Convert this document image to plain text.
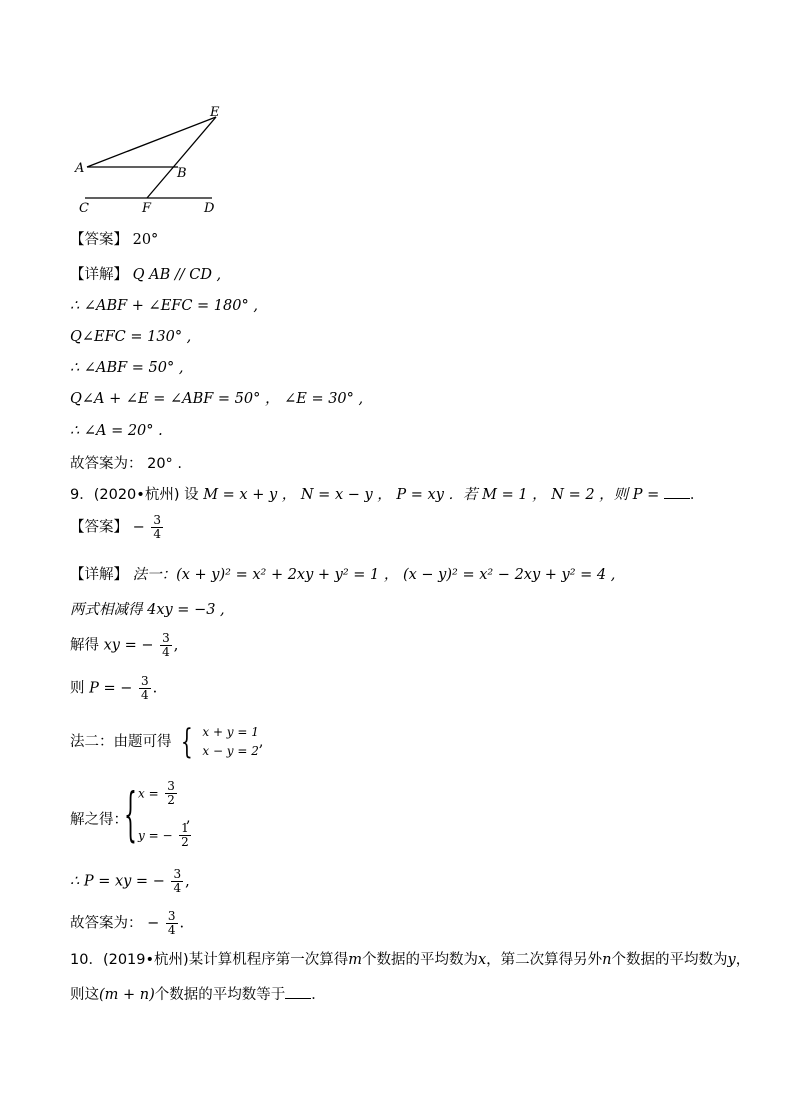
E
A	B
C	F	D
【答案】 20°
【详解】 Q AB // CD ,
∴ ∠ABF + ∠EFC = 180° ,
Q∠EFC = 130° ,
∴ ∠ABF = 50° ,
Q∠A + ∠E = ∠ABF = 50° ， ∠E = 30° ,
∴ ∠A = 20° .
故答案为： 20° .
9．(2020•杭州) 设 M = x + y ， N = x − y ， P = xy ．若 M = 1 ， N = 2 ，则 P = ．
【答案】 − $\frac{3}{4}$
【详解】 法一：(x + y)² = x² + 2xy + y² = 1 ， (x − y)² = x² − 2xy + y² = 4 ,
两式相减得 4xy = −3 ,
解得 xy = − $\frac{3}{4}$ ,
则 P = − $\frac{3}{4}$ .
法二：由题可得 { x + y = 1
x − y = 2
,
解之得：
{ $x = \frac{3}{2}$
y = − $\frac{1}{2}$
,
∴ P = xy = − $\frac{3}{4}$ ,
故答案为： − $\frac{3}{4}$ .
10．(2019•杭州)某计算机程序第一次算得m个数据的平均数为x，第二次算得另外n个数据的平均数为y，
则这(m + n)个数据的平均数等于 ．
